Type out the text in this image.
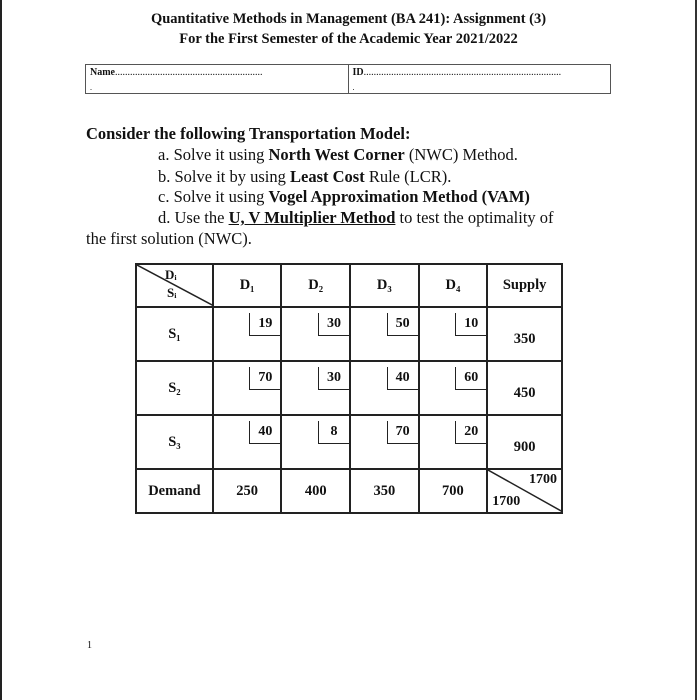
Quantitative Methods in Management (BA 241): Assignment (3)
For the First Semester of the Academic Year 2021/2022
Name...........................................................
.
ID...............................................................................
.
Consider the following Transportation Model:
a. Solve it using North West Corner (NWC) Method.
b. Solve it by using Least Cost Rule (LCR).
c. Solve it using Vogel Approximation Method (VAM)
d. Use the U, V Multiplier Method to test the optimality of
the first solution (NWC).
Dᵢ
Sᵢ	D₁	D₂	D₃	D₄	Supply
S₁	19	30	50	10	350
S₂	70	30	40	60	450
S₃	40	8	70	20	900
Demand	250	400	350	700	1700
1700
1
